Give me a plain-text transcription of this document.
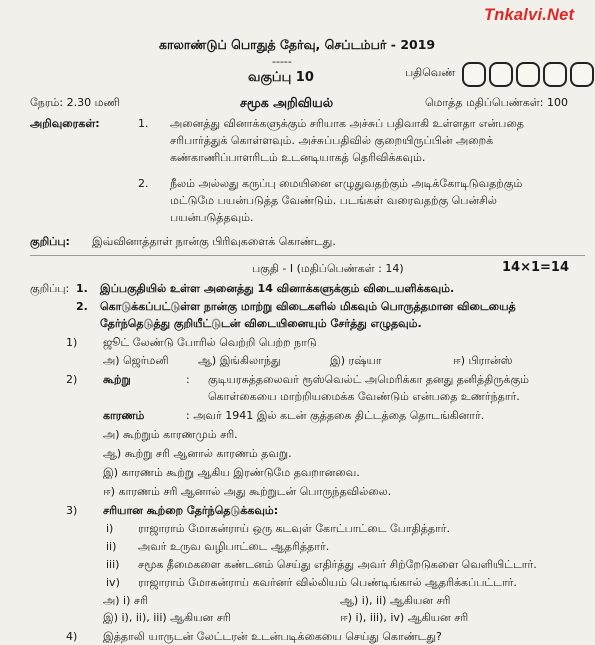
Tnkalvi.Net
காலாண்டுப் பொதுத் தேர்வு, செப்டம்பர் - 2019
-----
வகுப்பு 10	பதிவெண்
நேரம்: 2.30 மணி	சமூக அறிவியல்	மொத்த மதிப்பெண்கள்: 100
அறிவுரைகள்:	1. அனைத்து வினாக்களுக்கும் சரியாக அச்சுப் பதிவாகி உள்ளதா என்பதை
சரிபார்த்துக் கொள்ளவும். அச்சுப்பதிவில் குறையிருப்பின் அறைக்
கண்காணிப்பாளரிடம் உடனடியாகத் தெரிவிக்கவும்.
2. நீலம் அல்லது கருப்பு மையினை எழுதுவதற்கும் அடிக்கோடிடுவதற்கும்
மட்டுமே பயன்படுத்த வேண்டும். படங்கள் வரைவதற்கு பென்சில்
பயன்படுத்தவும்.
குறிப்பு: இவ்வினாத்தாள் நான்கு பிரிவுகளைக் கொண்டது.
பகுதி - I (மதிப்பெண்கள் : 14)	14×1=14
குறிப்பு: 1. இப்பகுதியில் உள்ள அனைத்து 14 வினாக்களுக்கும் விடையளிக்கவும்.
2. கொடுக்கப்பட்டுள்ள நான்கு மாற்று விடைகளில் மிகவும் பொருத்தமான விடையைத்
தேர்ந்தெடுத்து குறியீட்டுடன் விடையினையும் சேர்த்து எழுதவும்.
1) ஜூட் லேண்டு போரில் வெற்றி பெற்ற நாடு
அ) ஜெர்மனி	ஆ) இங்கிலாந்து	இ) ரஷ்யா	ஈ) பிரான்ஸ்
2) கூற்று	: குடியரசுத்தலைவர் ரூஸ்வெல்ட் அமெரிக்கா தனது தனித்திருக்கும்
கொள்கையை மாற்றியமைக்க வேண்டும் என்பதை உணர்ந்தார்.
காரணம்	: அவர் 1941 இல் கடன் குத்தகை திட்டத்தை தொடங்கினார்.
அ) கூற்றும் காரணமும் சரி.
ஆ) கூற்று சரி ஆனால் காரணம் தவறு.
இ) காரணம் கூற்று ஆகிய இரண்டுமே தவறானவை.
ஈ) காரணம் சரி ஆனால் அது கூற்றுடன் பொருந்தவில்லை.
3) சரியான கூற்றை தேர்ந்தெடுக்கவும்:
i) ராஜாராம் மோகன்ராய் ஒரு கடவுள் கோட்பாட்டை போதித்தார்.
ii) அவர் உருவ வழிபாட்டை ஆதரித்தார்.
iii) சமூக தீமைகளை கண்டனம் செய்து எதிர்த்து அவர் சிற்றேடுகளை வெளியிட்டார்.
iv) ராஜாராம் மோகன்ராய் கவர்னர் வில்லியம் பெண்டிங்கால் ஆதரிக்கப்பட்டார்.
அ) i) சரி	ஆ) i), ii) ஆகியன சரி
இ) i), ii), iii) ஆகியன சரி	ஈ) i), iii), iv) ஆகியன சரி
4) இத்தாலி யாருடன் லேட்டரன் உடன்படிக்கையை செய்து கொண்டது?
